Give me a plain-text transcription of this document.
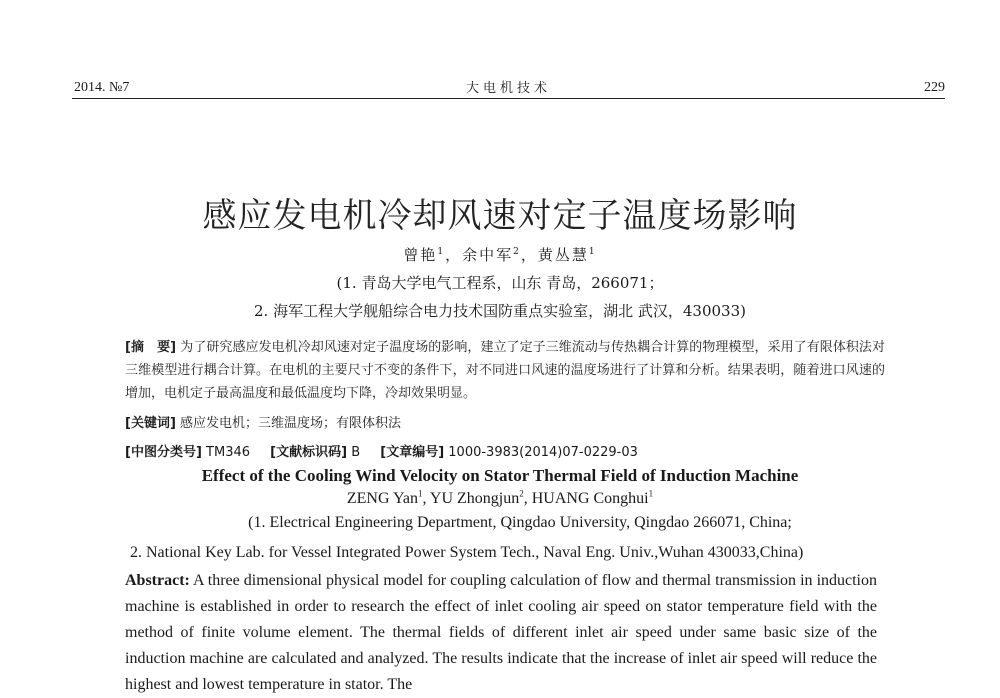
2014. №7	大电机技术	229
感应发电机冷却风速对定子温度场影响
曾艳$^1$，余中军$^2$，黄丛慧$^1$
(1. 青岛大学电气工程系，山东 青岛，266071；
2. 海军工程大学舰船综合电力技术国防重点实验室，湖北 武汉，430033)
[摘　要] 为了研究感应发电机冷却风速对定子温度场的影响，建立了定子三维流动与传热耦合计算的物理模型，采用了有限体积法对三维模型进行耦合计算。在电机的主要尺寸不变的条件下，对不同进口风速的温度场进行了计算和分析。结果表明，随着进口风速的增加，电机定子最高温度和最低温度均下降，冷却效果明显。
[关键词] 感应发电机；三维温度场；有限体积法
[中图分类号] TM346 [文献标识码] B [文章编号] 1000-3983(2014)07-0229-03
Effect of the Cooling Wind Velocity on Stator Thermal Field of Induction Machine
ZENG Yan$^1$, YU Zhongjun$^2$, HUANG Conghui$^1$
(1. Electrical Engineering Department, Qingdao University, Qingdao 266071, China;
2. National Key Lab. for Vessel Integrated Power System Tech., Naval Eng. Univ.,Wuhan 430033,China)
Abstract: A three dimensional physical model for coupling calculation of flow and thermal transmission in induction machine is established in order to research the effect of inlet cooling air speed on stator temperature field with the method of finite volume element. The thermal fields of different inlet air speed under same basic size of the induction machine are calculated and analyzed. The results indicate that the increase of inlet air speed will reduce the highest and lowest temperature in stator. The
